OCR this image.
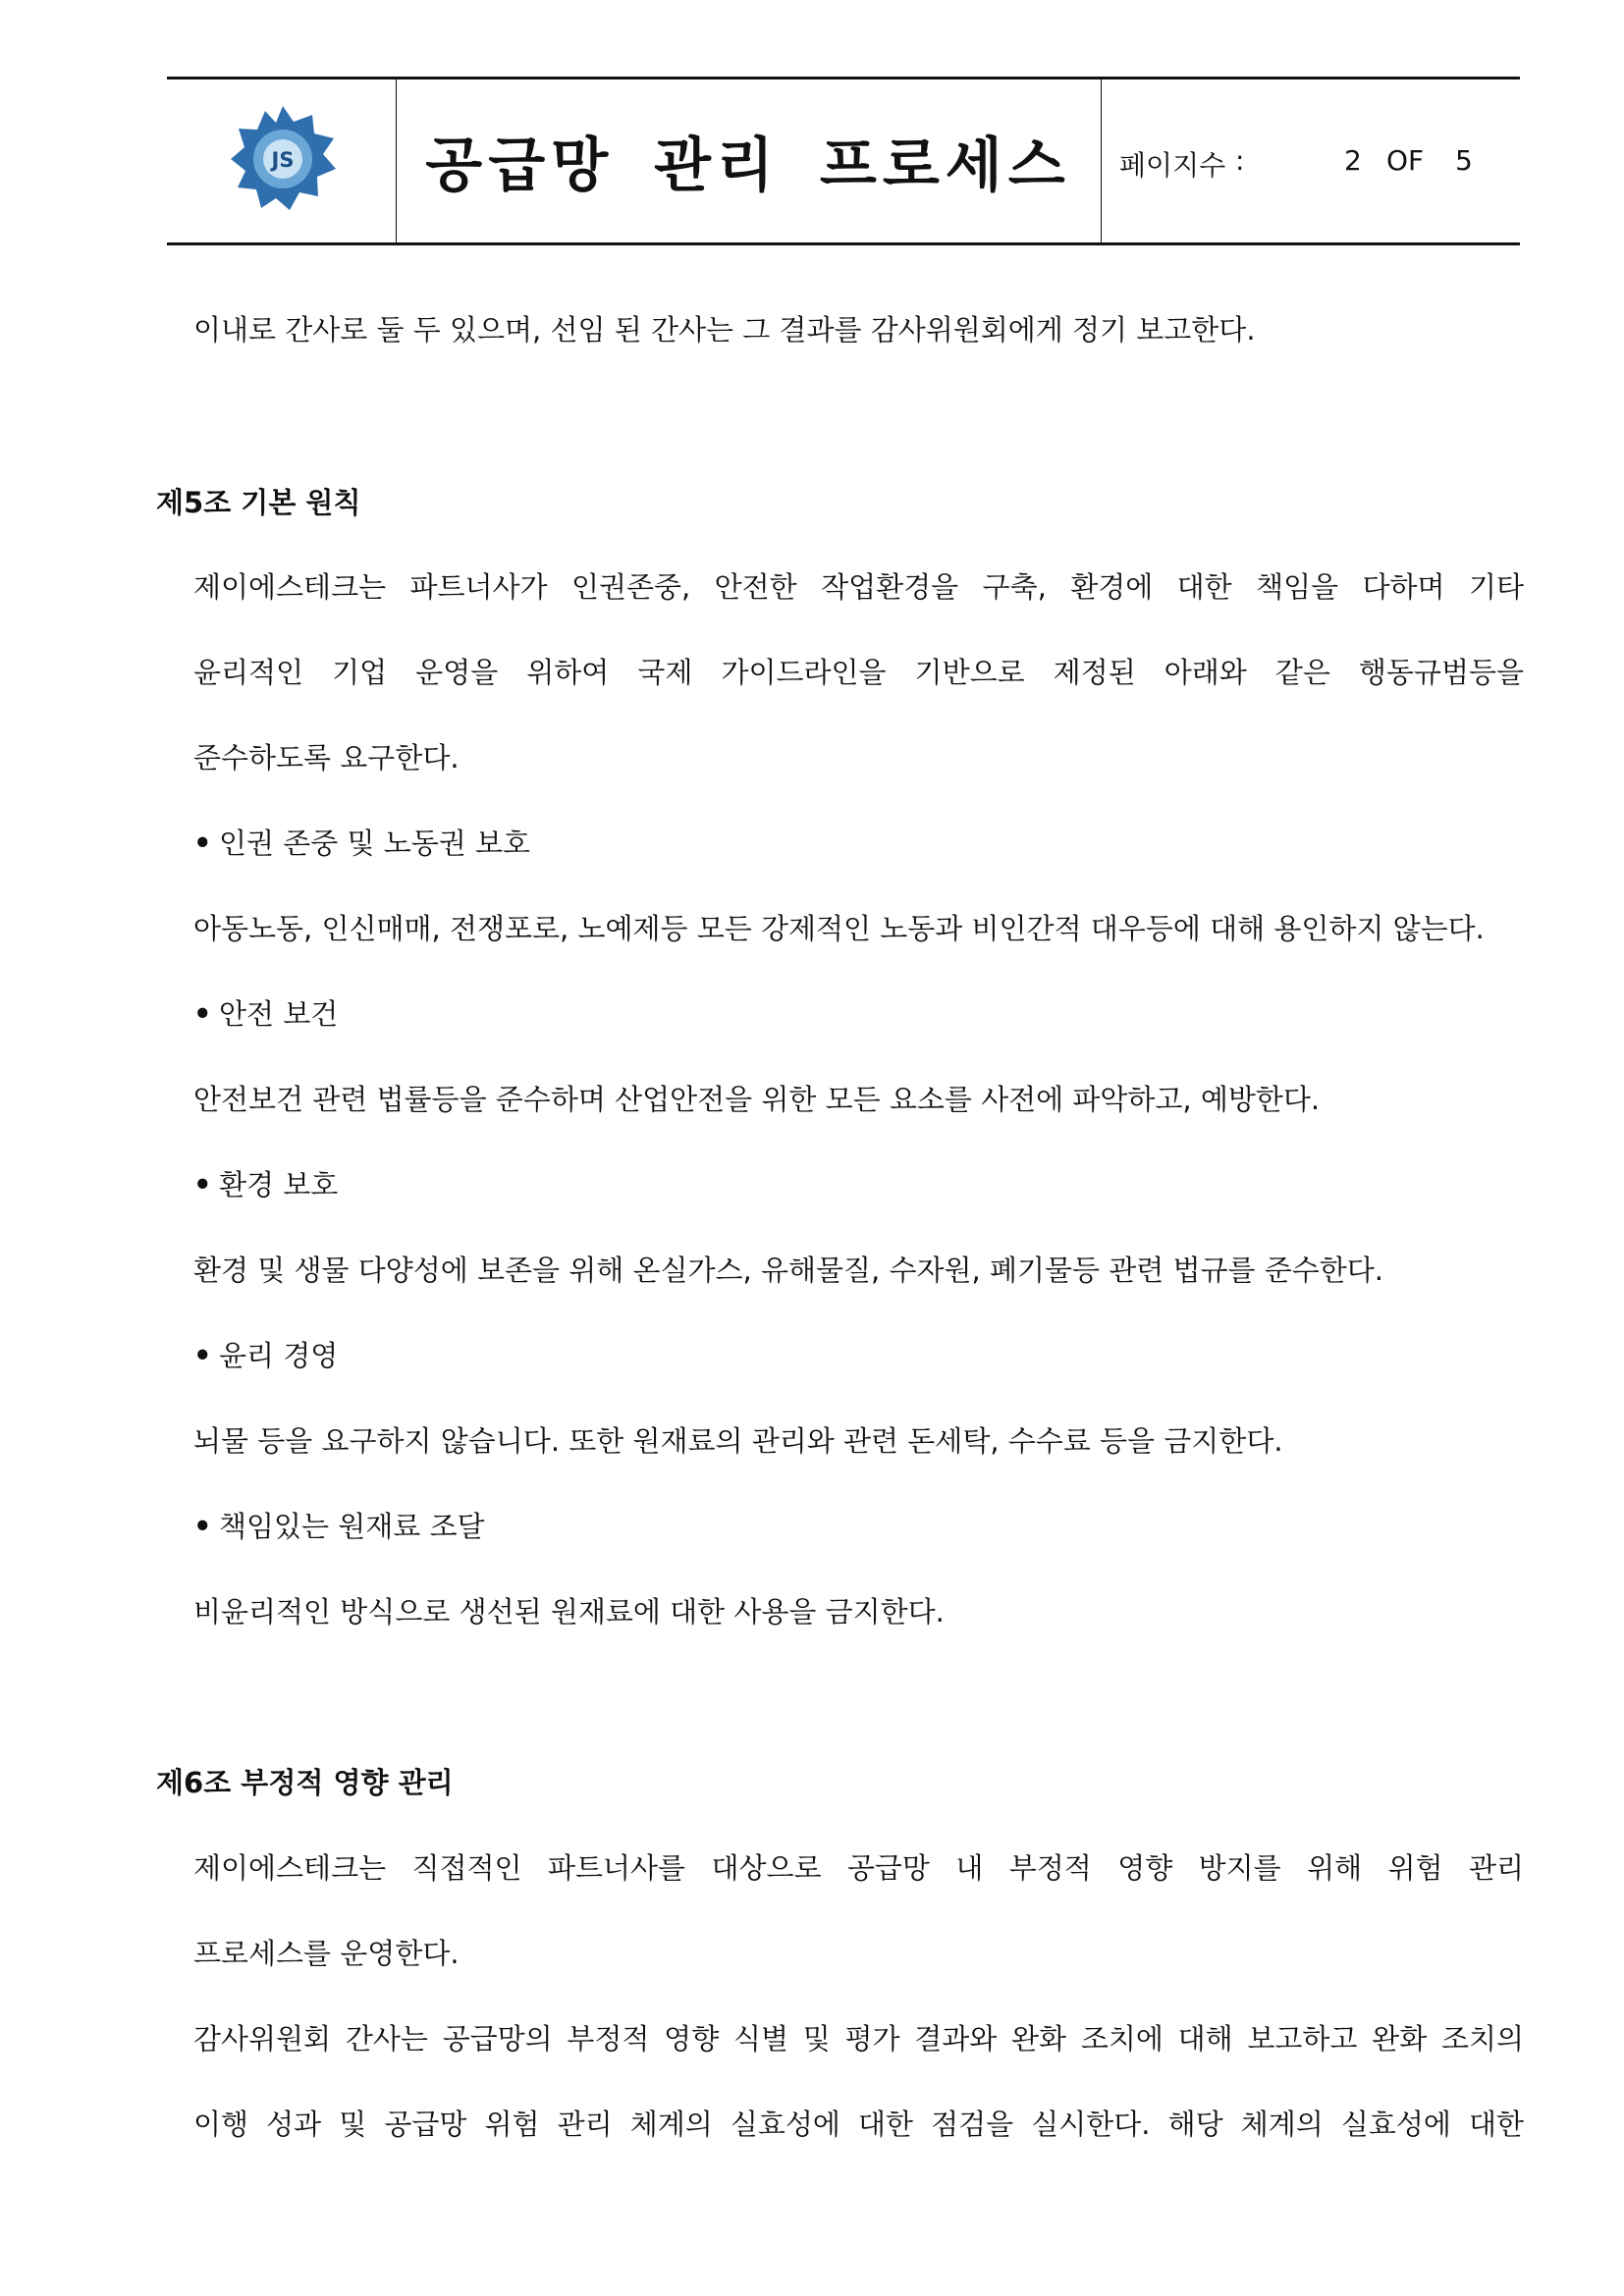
JS 공급망 관리 프로세스 페이지수 :	2 OF 5
이내로 간사로 둘 두 있으며, 선임 된 간사는 그 결과를 감사위원회에게 정기 보고한다.
제5조 기본 원칙
제이에스테크는 파트너사가 인권존중, 안전한 작업환경을 구축, 환경에 대한 책임을 다하며 기타
윤리적인 기업 운영을 위하여 국제 가이드라인을 기반으로 제정된 아래와 같은 행동규범등을
준수하도록 요구한다.
• 인권 존중 및 노동권 보호
아동노동, 인신매매, 전쟁포로, 노예제등 모든 강제적인 노동과 비인간적 대우등에 대해 용인하지 않는다.
• 안전 보건
안전보건 관련 법률등을 준수하며 산업안전을 위한 모든 요소를 사전에 파악하고, 예방한다.
• 환경 보호
환경 및 생물 다양성에 보존을 위해 온실가스, 유해물질, 수자원, 폐기물등 관련 법규를 준수한다.
• 윤리 경영
뇌물 등을 요구하지 않습니다. 또한 원재료의 관리와 관련 돈세탁, 수수료 등을 금지한다.
• 책임있는 원재료 조달
비윤리적인 방식으로 생선된 원재료에 대한 사용을 금지한다.
제6조 부정적 영향 관리
제이에스테크는 직접적인 파트너사를 대상으로 공급망 내 부정적 영향 방지를 위해 위험 관리
프로세스를 운영한다.
감사위원회 간사는 공급망의 부정적 영향 식별 및 평가 결과와 완화 조치에 대해 보고하고 완화 조치의
이행 성과 및 공급망 위험 관리 체계의 실효성에 대한 점검을 실시한다. 해당 체계의 실효성에 대한
